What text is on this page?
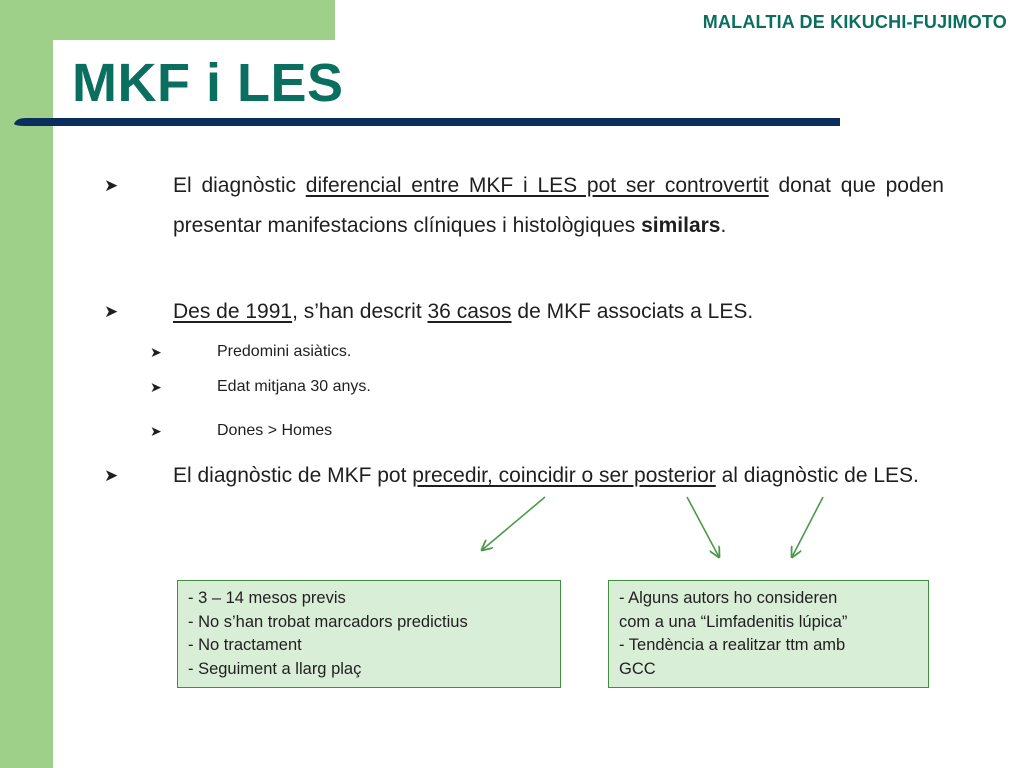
MALALTIA DE KIKUCHI-FUJIMOTO
MKF i LES
➤	El diagnòstic diferencial entre MKF i LES pot ser controvertit donat que poden presentar manifestacions clíniques i histològiques similars.
➤	Des de 1991, s’han descrit 36 casos de MKF associats a LES.
➤	Predomini asiàtics.
➤	Edat mitjana 30 anys.
➤	Dones > Homes
➤	El diagnòstic de MKF pot precedir, coincidir o ser posterior al diagnòstic de LES.
- 3 – 14 mesos previs
- No s’han trobat marcadors predictius
- No tractament
- Seguiment a llarg plaç
- Alguns autors ho consideren
com a una “Limfadenitis lúpica”
- Tendència a realitzar ttm amb
GCC
